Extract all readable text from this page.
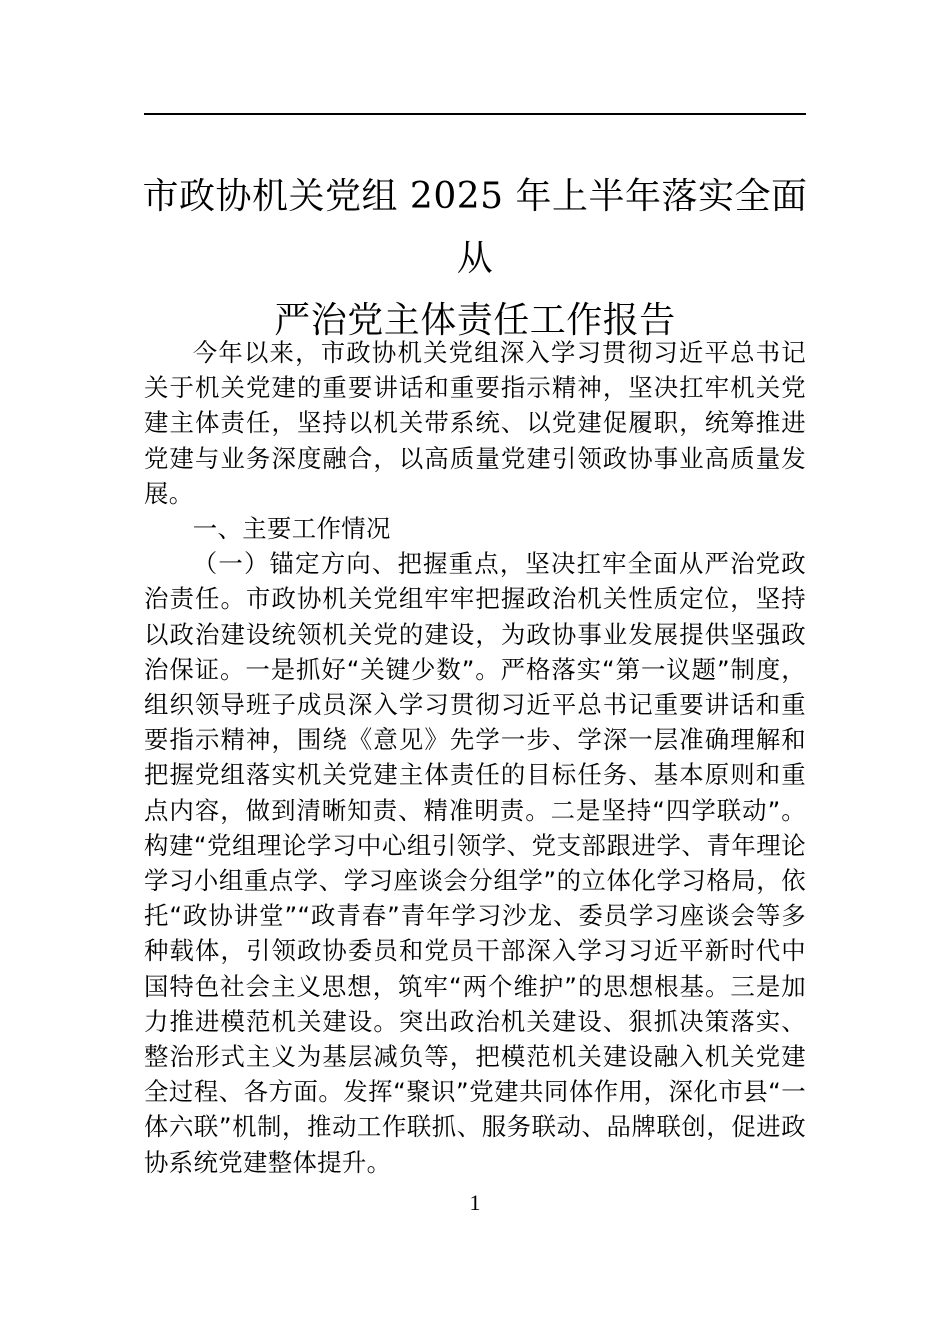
市政协机关党组 2025 年上半年落实全面从
严治党主体责任工作报告

今年以来，市政协机关党组深入学习贯彻习近平总书记关于机关党建的重要讲话和重要指示精神，坚决扛牢机关党建主体责任，坚持以机关带系统、以党建促履职，统筹推进党建与业务深度融合，以高质量党建引领政协事业高质量发展。

一、主要工作情况

（一）锚定方向、把握重点，坚决扛牢全面从严治党政治责任。市政协机关党组牢牢把握政治机关性质定位，坚持以政治建设统领机关党的建设，为政协事业发展提供坚强政治保证。一是抓好“关键少数”。严格落实“第一议题”制度，组织领导班子成员深入学习贯彻习近平总书记重要讲话和重要指示精神，围绕《意见》先学一步、学深一层准确理解和把握党组落实机关党建主体责任的目标任务、基本原则和重点内容，做到清晰知责、精准明责。二是坚持“四学联动”。构建“党组理论学习中心组引领学、党支部跟进学、青年理论学习小组重点学、学习座谈会分组学”的立体化学习格局，依托“政协讲堂”“政青春”青年学习沙龙、委员学习座谈会等多种载体，引领政协委员和党员干部深入学习习近平新时代中国特色社会主义思想，筑牢“两个维护”的思想根基。三是加力推进模范机关建设。突出政治机关建设、狠抓决策落实、整治形式主义为基层减负等，把模范机关建设融入机关党建全过程、各方面。发挥“聚识”党建共同体作用，深化市县“一体六联”机制，推动工作联抓、服务联动、品牌联创，促进政协系统党建整体提升。

1
